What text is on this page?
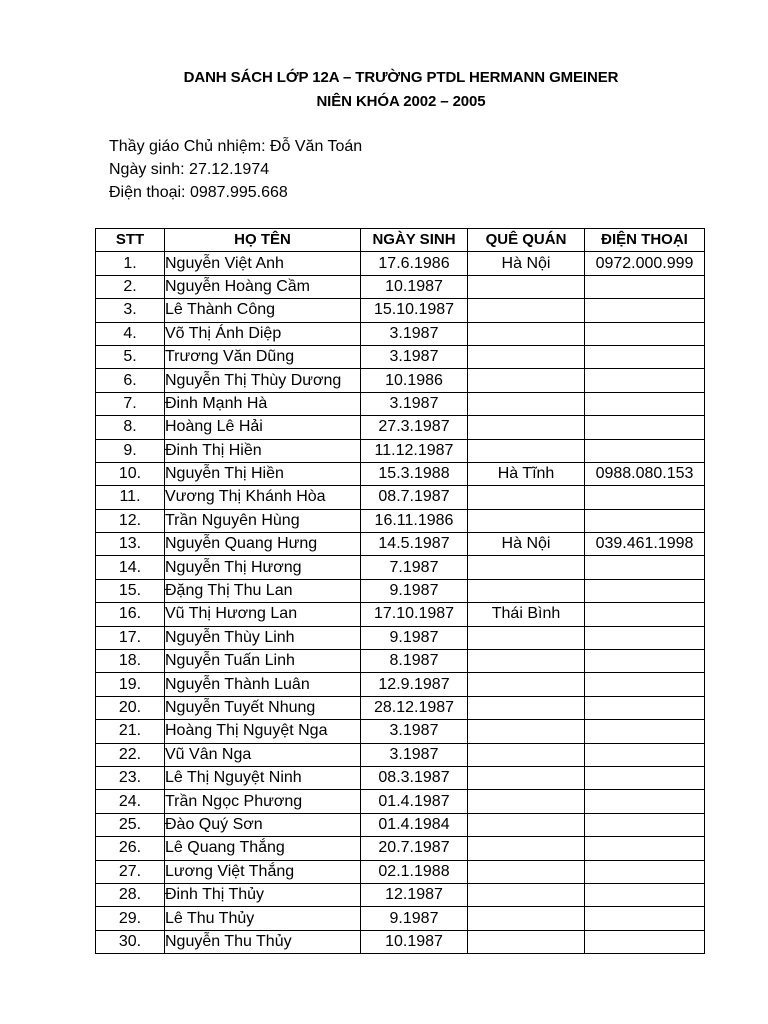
DANH SÁCH LỚP 12A – TRƯỜNG PTDL HERMANN GMEINER
NIÊN KHÓA 2002 – 2005
Thầy giáo Chủ nhiệm: Đỗ Văn Toán
Ngày sinh: 27.12.1974
Điện thoại: 0987.995.668
STT	HỌ TÊN	NGÀY SINH	QUÊ QUÁN	ĐIỆN THOẠI
1.	Nguyễn Việt Anh	17.6.1986	Hà Nội	0972.000.999
2.	Nguyễn Hoàng Cầm	10.1987		
3.	Lê Thành Công	15.10.1987		
4.	Võ Thị Ánh Diệp	3.1987		
5.	Trương Văn Dũng	3.1987		
6.	Nguyễn Thị Thùy Dương	10.1986		
7.	Đinh Mạnh Hà	3.1987		
8.	Hoàng Lê Hải	27.3.1987		
9.	Đinh Thị Hiền	11.12.1987		
10.	Nguyễn Thị Hiền	15.3.1988	Hà Tĩnh	0988.080.153
11.	Vương Thị Khánh Hòa	08.7.1987		
12.	Trần Nguyên Hùng	16.11.1986		
13.	Nguyễn Quang Hưng	14.5.1987	Hà Nội	039.461.1998
14.	Nguyễn Thị Hương	7.1987		
15.	Đặng Thị Thu Lan	9.1987		
16.	Vũ Thị Hương Lan	17.10.1987	Thái Bình	
17.	Nguyễn Thùy Linh	9.1987		
18.	Nguyễn Tuấn Linh	8.1987		
19.	Nguyễn Thành Luân	12.9.1987		
20.	Nguyễn Tuyết Nhung	28.12.1987		
21.	Hoàng Thị Nguyệt Nga	3.1987		
22.	Vũ Vân Nga	3.1987		
23.	Lê Thị Nguyệt Ninh	08.3.1987		
24.	Trần Ngọc Phương	01.4.1987		
25.	Đào Quý Sơn	01.4.1984		
26.	Lê Quang Thắng	20.7.1987		
27.	Lương Việt Thắng	02.1.1988		
28.	Đinh Thị Thủy	12.1987		
29.	Lê Thu Thủy	9.1987		
30.	Nguyễn Thu Thủy	10.1987		
